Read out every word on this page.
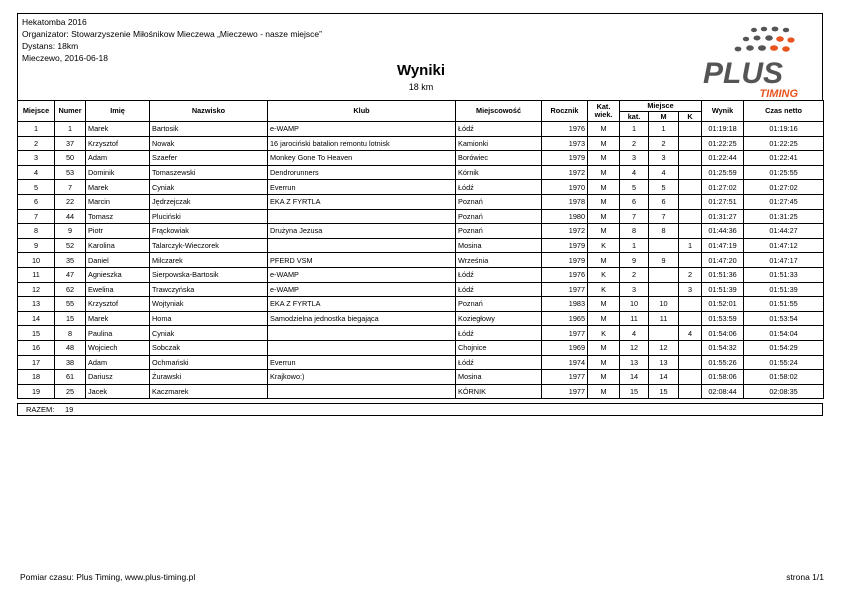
Hekatomba 2016
Organizator: Stowarzyszenie Miłośnikow Mieczewa „Mieczewo - nasze miejsce”
Dystans: 18km
Mieczewo, 2016-06-18
Wyniki
18 km	PLUS
TIMING
Miejsce	Numer	Imię	Nazwisko	Klub	Miejscowość	Rocznik	Kat.
wiek.	Miejsce			Wynik	Czas netto
								kat.	M	K		
1	1	Marek	Bartosik	e-WAMP	Łódź	1976	M	1	1		01:19:18	01:19:16
2	37	Krzysztof	Nowak	16 jarociński batalion remontu lotnisk	Kamionki	1973	M	2	2		01:22:25	01:22:25
3	50	Adam	Szaefer	Monkey Gone To Heaven	Borówiec	1979	M	3	3		01:22:44	01:22:41
4	53	Dominik	Tomaszewski	Dendrorunners	Kórnik	1972	M	4	4		01:25:59	01:25:55
5	7	Marek	Cyniak	Everrun	Łódź	1970	M	5	5		01:27:02	01:27:02
6	22	Marcin	Jędrzejczak	EKA Z FYRTLA	Poznań	1978	M	6	6		01:27:51	01:27:45
7	44	Tomasz	Pluciński		Poznań	1980	M	7	7		01:31:27	01:31:25
8	9	Piotr	Frąckowiak	Drużyna Jezusa	Poznań	1972	M	8	8		01:44:36	01:44:27
9	52	Karolina	Talarczyk-Wieczorek		Mosina	1979	K	1		1	01:47:19	01:47:12
10	35	Daniel	Milczarek	PFERD VSM	Września	1979	M	9	9		01:47:20	01:47:17
11	47	Agnieszka	Sierpowska-Bartosik	e-WAMP	Łódź	1976	K	2		2	01:51:36	01:51:33
12	62	Ewelina	Trawczyńska	e-WAMP	Łódź	1977	K	3		3	01:51:39	01:51:39
13	55	Krzysztof	Wojtyniak	EKA Z FYRTLA	Poznań	1983	M	10	10		01:52:01	01:51:55
14	15	Marek	Homa	Samodzielna jednostka biegająca	Koziegłowy	1965	M	11	11		01:53:59	01:53:54
15	8	Paulina	Cyniak		Łódź	1977	K	4		4	01:54:06	01:54:04
16	48	Wojciech	Sobczak		Chojnice	1969	M	12	12		01:54:32	01:54:29
17	38	Adam	Ochmański	Everrun	Łódź	1974	M	13	13		01:55:26	01:55:24
18	61	Dariusz	Żurawski	Krajkowo:)	Mosina	1977	M	14	14		01:58:06	01:58:02
19	25	Jacek	Kaczmarek		KÓRNIK	1977	M	15	15		02:08:44	02:08:35
RAZEM: 19
Pomiar czasu: Plus Timing, www.plus-timing.pl	strona 1/1
